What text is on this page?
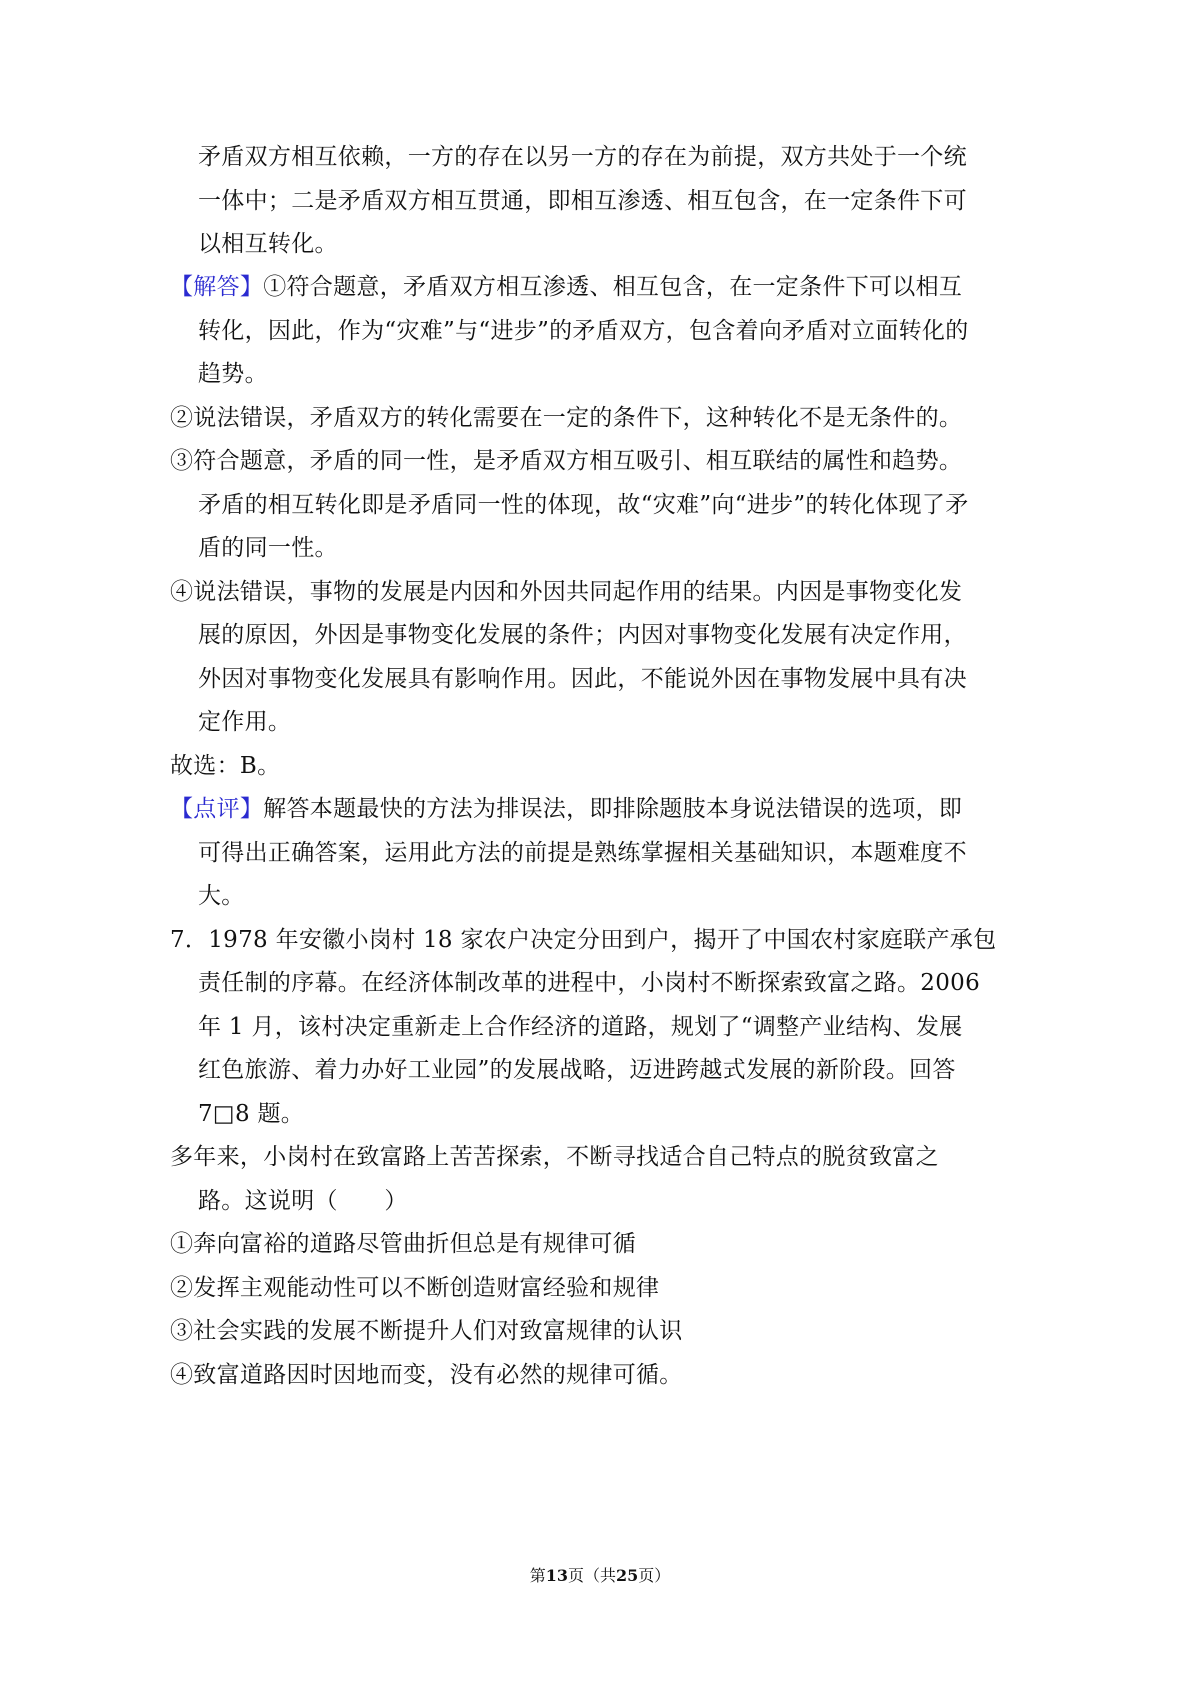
矛盾双方相互依赖，一方的存在以另一方的存在为前提，双方共处于一个统
一体中；二是矛盾双方相互贯通，即相互渗透、相互包含，在一定条件下可
以相互转化。
【解答】①符合题意，矛盾双方相互渗透、相互包含，在一定条件下可以相互
转化，因此，作为“灾难”与“进步”的矛盾双方，包含着向矛盾对立面转化的
趋势。
②说法错误，矛盾双方的转化需要在一定的条件下，这种转化不是无条件的。
③符合题意，矛盾的同一性，是矛盾双方相互吸引、相互联结的属性和趋势。
矛盾的相互转化即是矛盾同一性的体现，故“灾难”向“进步”的转化体现了矛
盾的同一性。
④说法错误，事物的发展是内因和外因共同起作用的结果。内因是事物变化发
展的原因，外因是事物变化发展的条件；内因对事物变化发展有决定作用，
外因对事物变化发展具有影响作用。因此，不能说外因在事物发展中具有决
定作用。
故选：B。
【点评】解答本题最快的方法为排误法，即排除题肢本身说法错误的选项，即
可得出正确答案，运用此方法的前提是熟练掌握相关基础知识，本题难度不
大。
7．1978 年安徽小岗村 18 家农户决定分田到户，揭开了中国农村家庭联产承包
责任制的序幕。在经济体制改革的进程中，小岗村不断探索致富之路。2006
年 1 月，该村决定重新走上合作经济的道路，规划了“调整产业结构、发展
红色旅游、着力办好工业园”的发展战略，迈进跨越式发展的新阶段。回答
7□8 题。
多年来，小岗村在致富路上苦苦探索，不断寻找适合自己特点的脱贫致富之
路。这说明（　　）
①奔向富裕的道路尽管曲折但总是有规律可循
②发挥主观能动性可以不断创造财富经验和规律
③社会实践的发展不断提升人们对致富规律的认识
④致富道路因时因地而变，没有必然的规律可循。
第13页（共25页）
